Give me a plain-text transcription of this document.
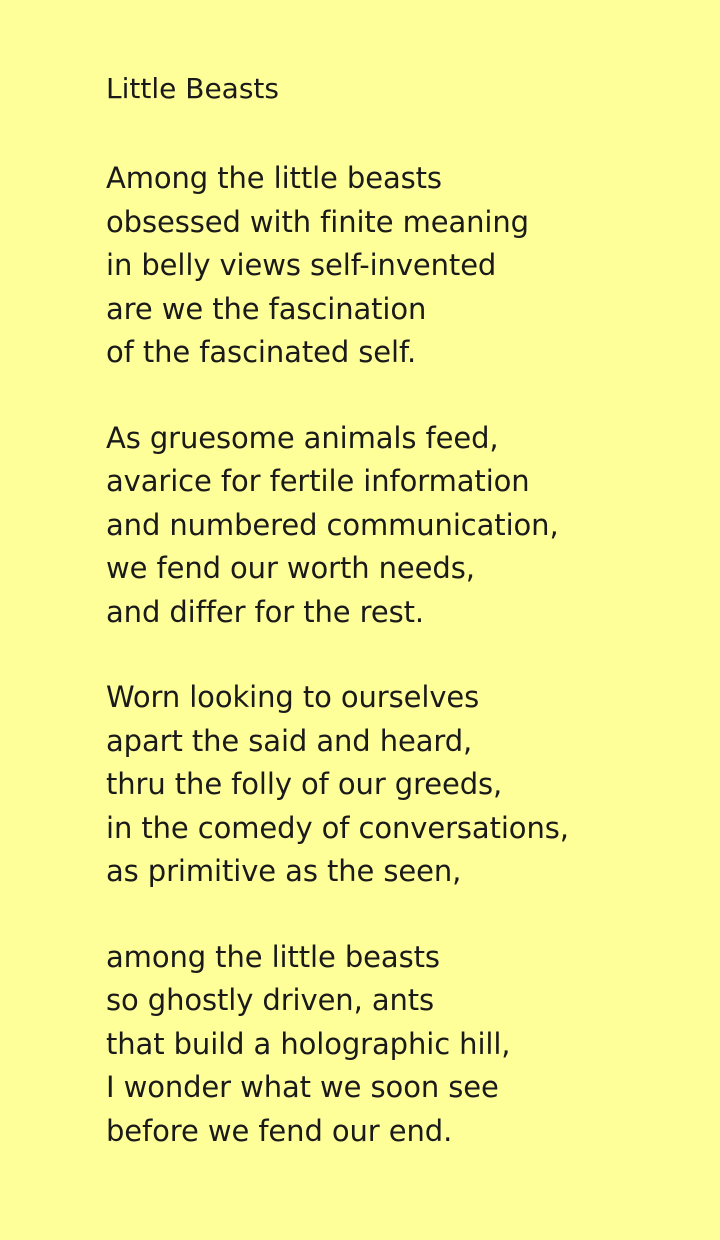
Little Beasts
Among the little beasts
obsessed with finite meaning
in belly views self-invented
are we the fascination
of the fascinated self.
As gruesome animals feed,
avarice for fertile information
and numbered communication,
we fend our worth needs,
and differ for the rest.
Worn looking to ourselves
apart the said and heard,
thru the folly of our greeds,
in the comedy of conversations,
as primitive as the seen,
among the little beasts
so ghostly driven, ants
that build a holographic hill,
I wonder what we soon see
before we fend our end.
